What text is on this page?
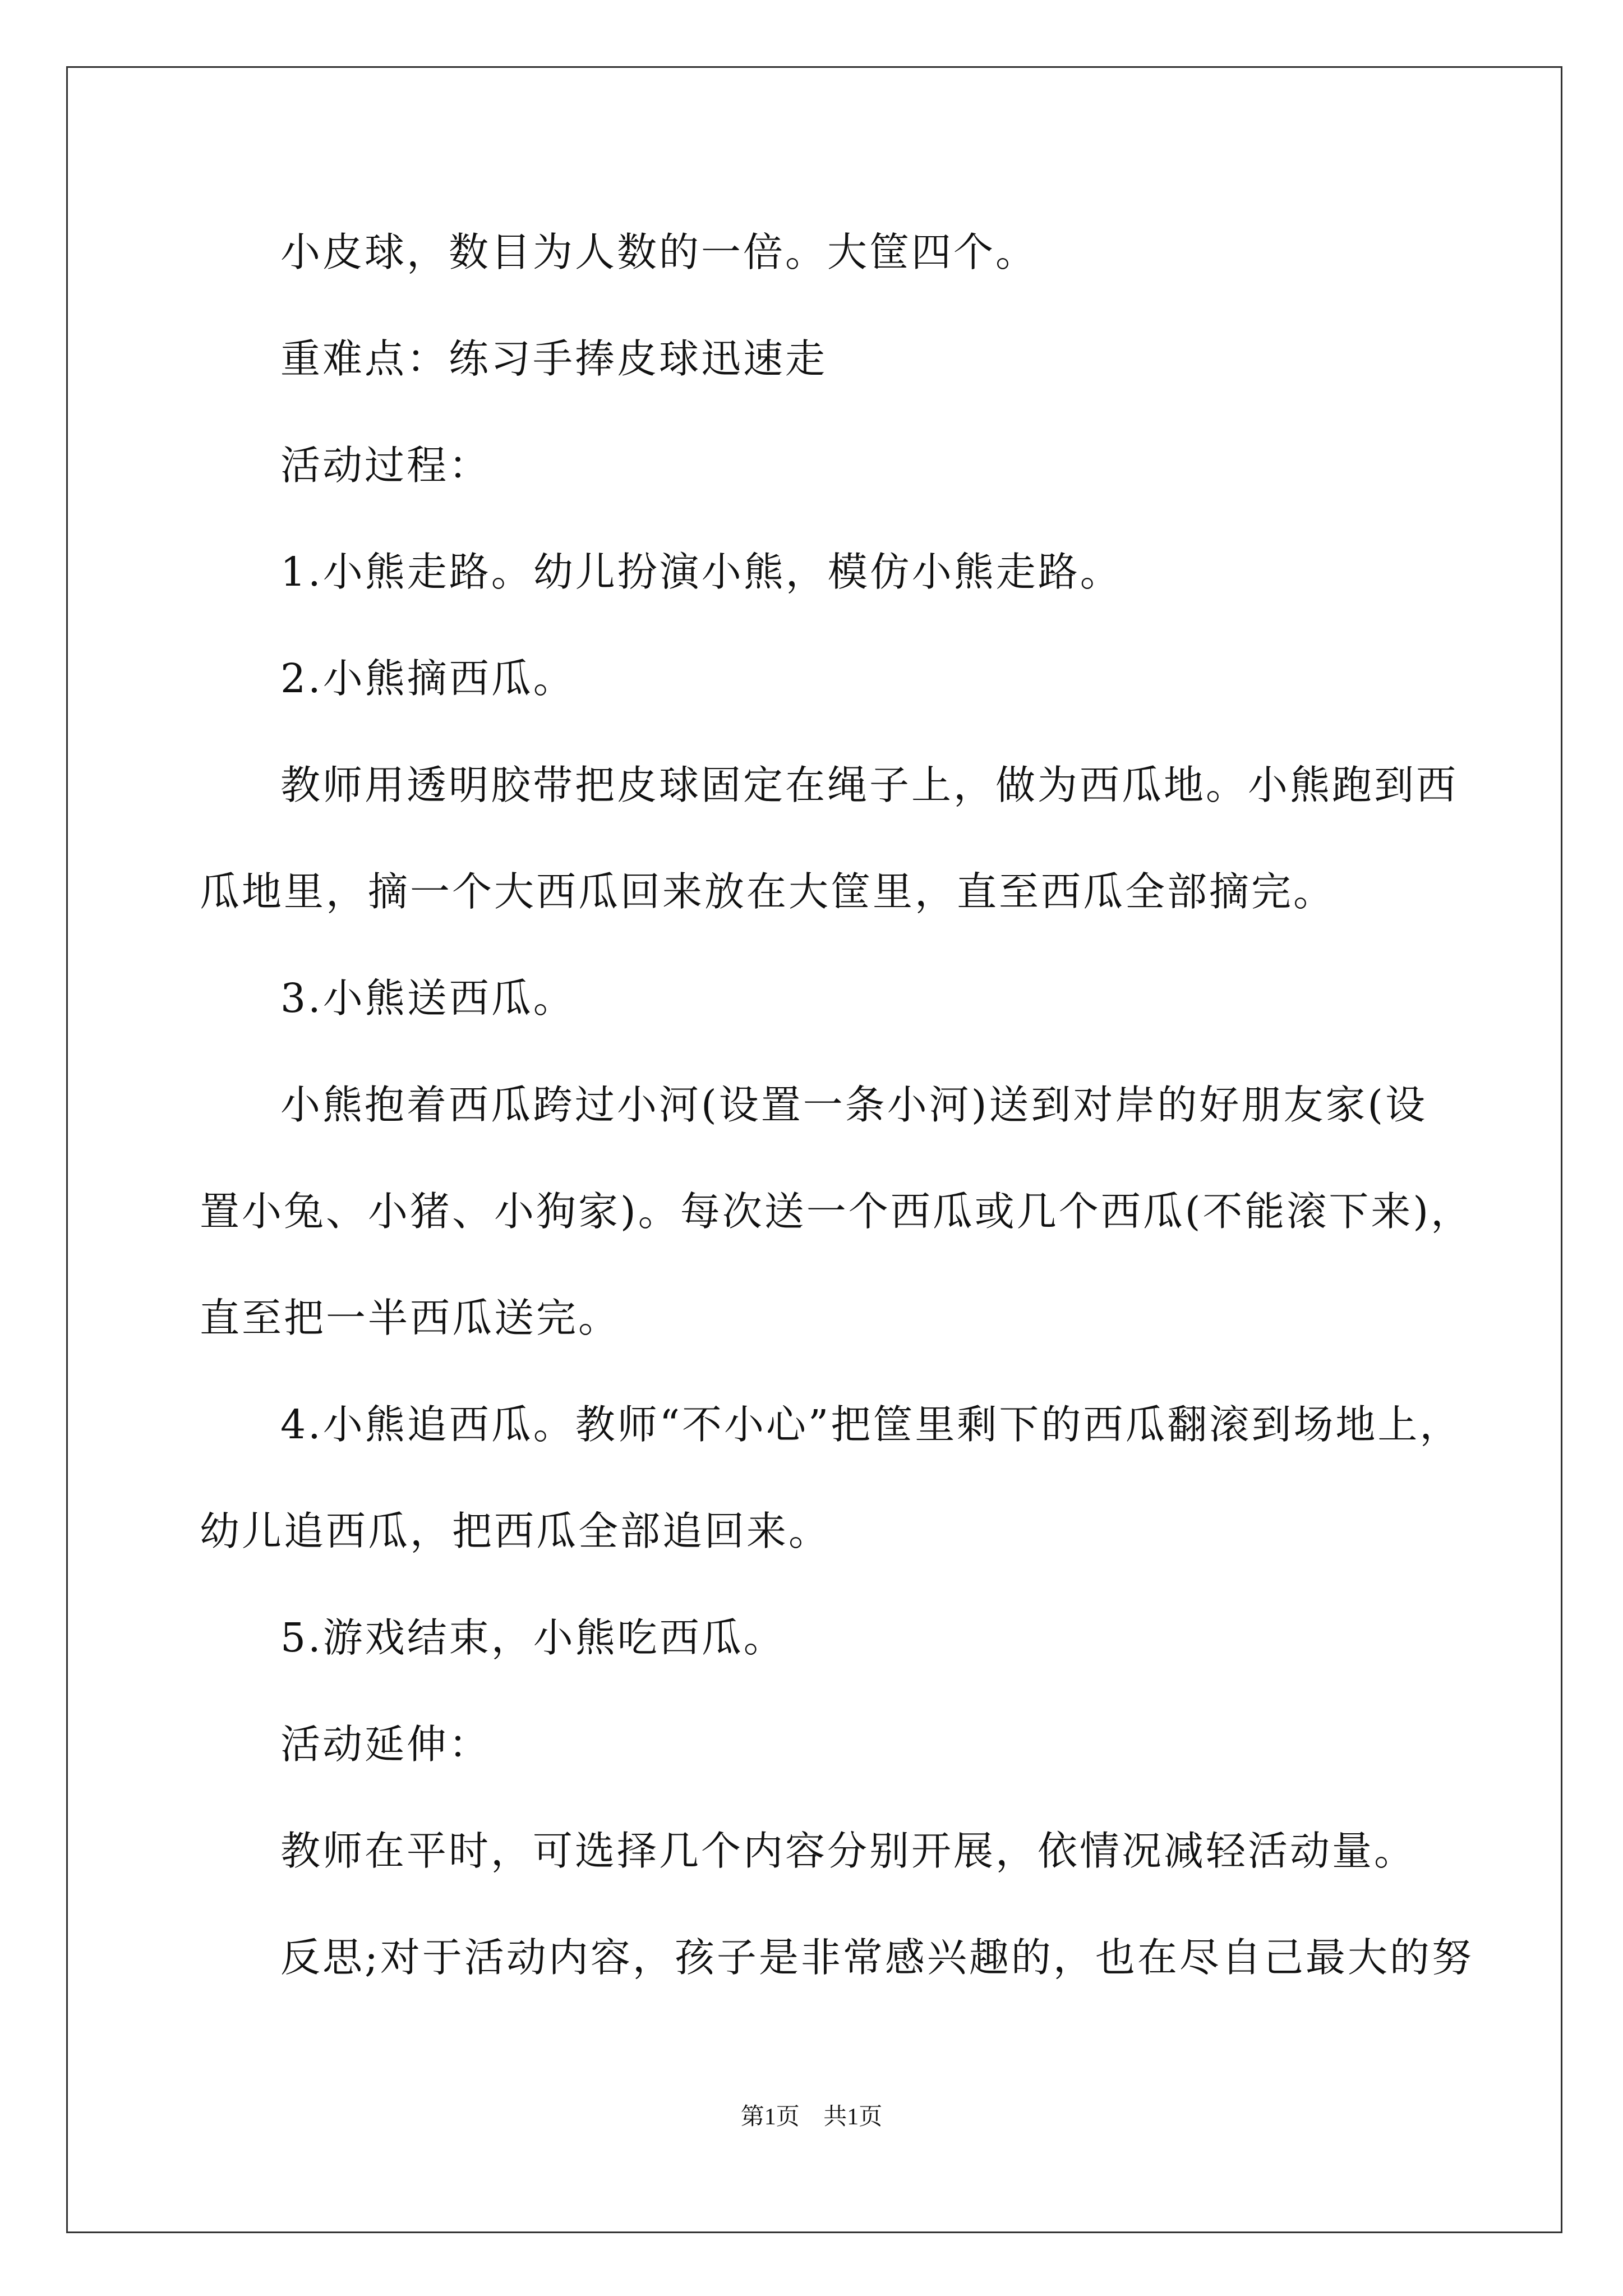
小皮球，数目为人数的一倍。大筐四个。
重难点：练习手捧皮球迅速走
活动过程：
1.小熊走路。幼儿扮演小熊，模仿小熊走路。
2.小熊摘西瓜。
教师用透明胶带把皮球固定在绳子上，做为西瓜地。小熊跑到西
瓜地里，摘一个大西瓜回来放在大筐里，直至西瓜全部摘完。
3.小熊送西瓜。
小熊抱着西瓜跨过小河(设置一条小河)送到对岸的好朋友家(设
置小兔、小猪、小狗家)。每次送一个西瓜或几个西瓜(不能滚下来)，
直至把一半西瓜送完。
4.小熊追西瓜。教师“不小心”把筐里剩下的西瓜翻滚到场地上，
幼儿追西瓜，把西瓜全部追回来。
5.游戏结束，小熊吃西瓜。
活动延伸：
教师在平时，可选择几个内容分别开展，依情况减轻活动量。
反思;对于活动内容，孩子是非常感兴趣的，也在尽自己最大的努
第1页 共1页
